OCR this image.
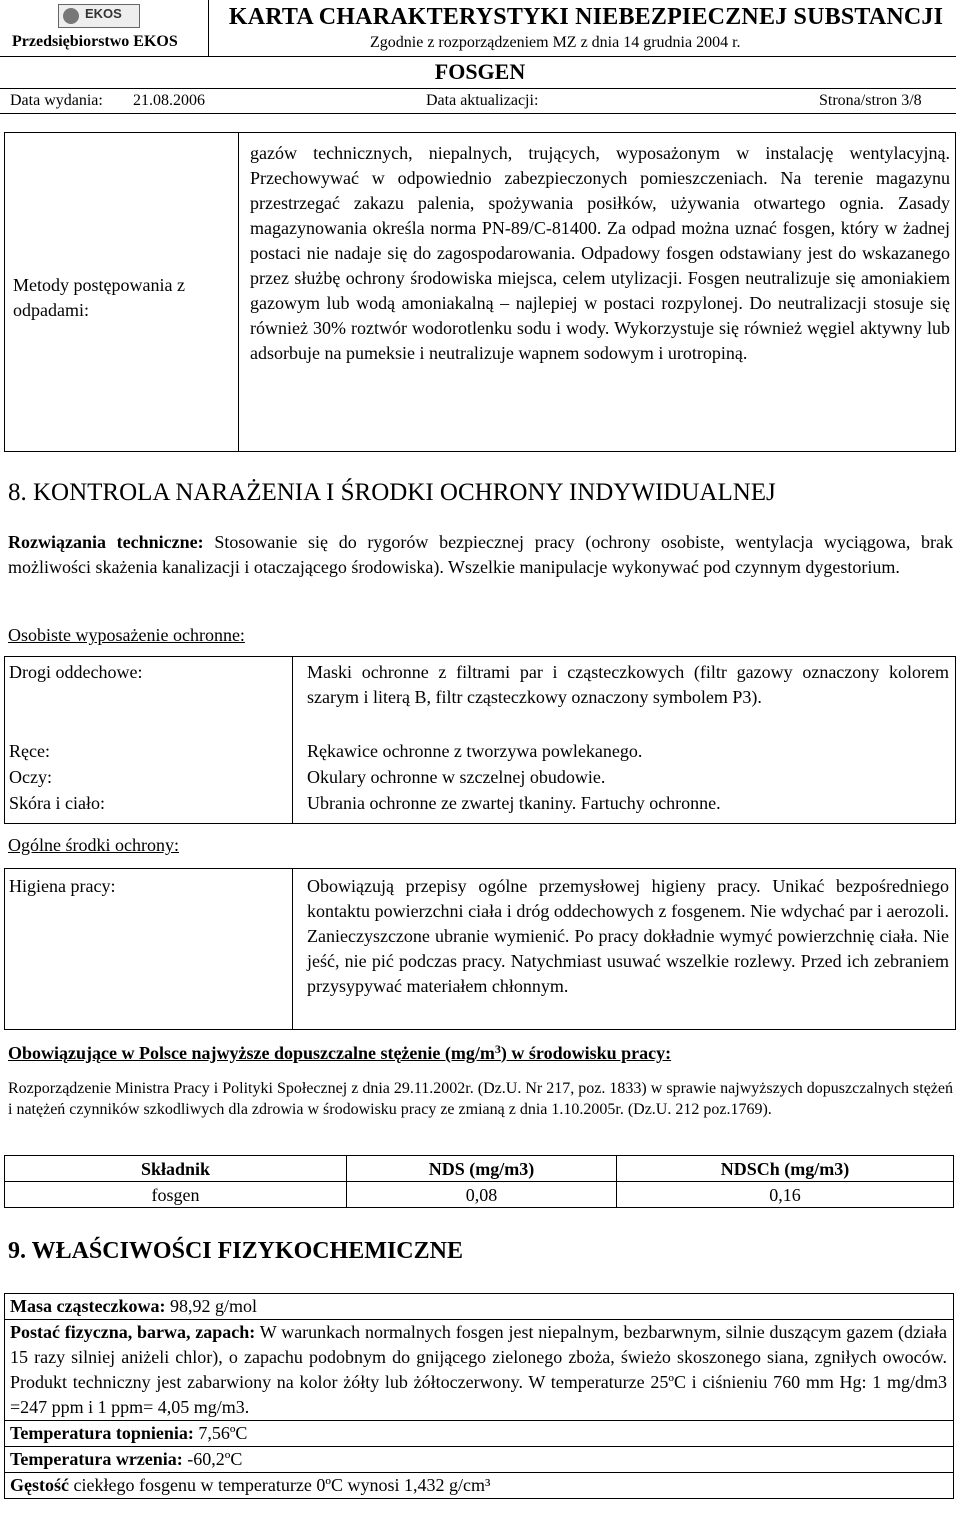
EKOS
Przedsiębiorstwo EKOS
KARTA CHARAKTERYSTYKI NIEBEZPIECZNEJ SUBSTANCJI
Zgodnie z rozporządzeniem MZ z dnia 14 grudnia 2004 r.
FOSGEN
Data wydania: 21.08.2006	Data aktualizacji:	Strona/stron 3/8
Metody postępowania z odpadami:
gazów technicznych, niepalnych, trujących, wyposażonym w instalację wentylacyjną. Przechowywać w odpowiednio zabezpieczonych pomieszczeniach. Na terenie magazynu przestrzegać zakazu palenia, spożywania posiłków, używania otwartego ognia. Zasady magazynowania określa norma PN-89/C-81400. Za odpad można uznać fosgen, który w żadnej postaci nie nadaje się do zagospodarowania. Odpadowy fosgen odstawiany jest do wskazanego przez służbę ochrony środowiska miejsca, celem utylizacji. Fosgen neutralizuje się amoniakiem gazowym lub wodą amoniakalną – najlepiej w postaci rozpylonej. Do neutralizacji stosuje się również 30% roztwór wodorotlenku sodu i wody. Wykorzystuje się również węgiel aktywny lub adsorbuje na pumeksie i neutralizuje wapnem sodowym i urotropiną.
8. KONTROLA NARAŻENIA I ŚRODKI OCHRONY INDYWIDUALNEJ
Rozwiązania techniczne: Stosowanie się do rygorów bezpiecznej pracy (ochrony osobiste, wentylacja wyciągowa, brak możliwości skażenia kanalizacji i otaczającego środowiska). Wszelkie manipulacje wykonywać pod czynnym dygestorium.
Osobiste wyposażenie ochronne:
Drogi oddechowe:	Maski ochronne z filtrami par i cząsteczkowych (filtr gazowy oznaczony kolorem szarym i literą B, filtr cząsteczkowy oznaczony symbolem P3).
Ręce:	Rękawice ochronne z tworzywa powlekanego.
Oczy:	Okulary ochronne w szczelnej obudowie.
Skóra i ciało:	Ubrania ochronne ze zwartej tkaniny. Fartuchy ochronne.
Ogólne środki ochrony:
Higiena pracy:	Obowiązują przepisy ogólne przemysłowej higieny pracy. Unikać bezpośredniego kontaktu powierzchni ciała i dróg oddechowych z fosgenem. Nie wdychać par i aerozoli. Zanieczyszczone ubranie wymienić. Po pracy dokładnie wymyć powierzchnię ciała. Nie jeść, nie pić podczas pracy. Natychmiast usuwać wszelkie rozlewy. Przed ich zebraniem przysypywać materiałem chłonnym.
Obowiązujące w Polsce najwyższe dopuszczalne stężenie $(mg/m^3)$ w środowisku pracy:
Rozporządzenie Ministra Pracy i Polityki Społecznej z dnia 29.11.2002r. (Dz.U. Nr 217, poz. 1833) w sprawie najwyższych dopuszczalnych stężeń i natężeń czynników szkodliwych dla zdrowia w środowisku pracy ze zmianą z dnia 1.10.2005r. (Dz.U. 212 poz.1769).
Składnik	NDS (mg/m3)	NDSCh (mg/m3)
fosgen	0,08	0,16
9. WŁAŚCIWOŚCI FIZYKOCHEMICZNE
Masa cząsteczkowa: 98,92 g/mol
Postać fizyczna, barwa, zapach: W warunkach normalnych fosgen jest niepalnym, bezbarwnym, silnie duszącym gazem (działa 15 razy silniej aniżeli chlor), o zapachu podobnym do gnijącego zielonego zboża, świeżo skoszonego siana, zgniłych owoców. Produkt techniczny jest zabarwiony na kolor żółty lub żółtoczerwony. W temperaturze 25ºC i ciśnieniu 760 mm Hg: 1 mg/dm3 =247 ppm i 1 ppm= 4,05 mg/m3.
Temperatura topnienia: 7,56ºC
Temperatura wrzenia: -60,2ºC
Gęstość ciekłego fosgenu w temperaturze 0ºC wynosi 1,432 g/cm³
